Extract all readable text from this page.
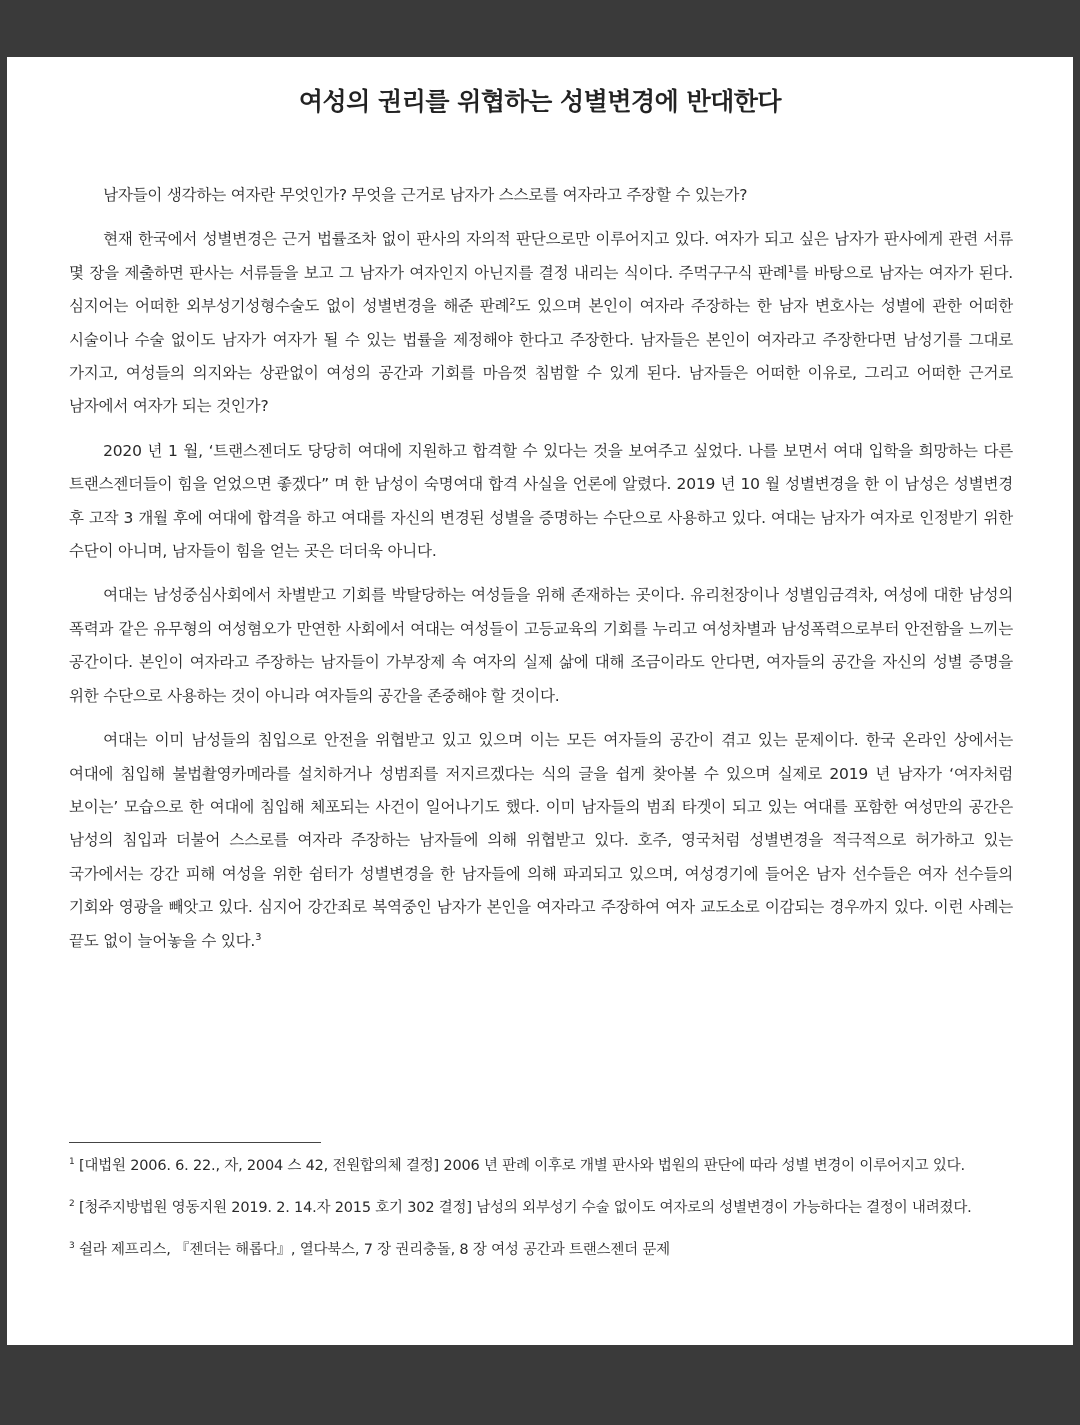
여성의 권리를 위협하는 성별변경에 반대한다

남자들이 생각하는 여자란 무엇인가? 무엇을 근거로 남자가 스스로를 여자라고 주장할 수 있는가?

현재 한국에서 성별변경은 근거 법률조차 없이 판사의 자의적 판단으로만 이루어지고 있다. 여자가 되고 싶은 남자가 판사에게 관련 서류 몇 장을 제출하면 판사는 서류들을 보고 그 남자가 여자인지 아닌지를 결정 내리는 식이다. 주먹구구식 판례$^1$를 바탕으로 남자는 여자가 된다. 심지어는 어떠한 외부성기성형수술도 없이 성별변경을 해준 판례$^2$도 있으며 본인이 여자라 주장하는 한 남자 변호사는 성별에 관한 어떠한 시술이나 수술 없이도 남자가 여자가 될 수 있는 법률을 제정해야 한다고 주장한다. 남자들은 본인이 여자라고 주장한다면 남성기를 그대로 가지고, 여성들의 의지와는 상관없이 여성의 공간과 기회를 마음껏 침범할 수 있게 된다. 남자들은 어떠한 이유로, 그리고 어떠한 근거로 남자에서 여자가 되는 것인가?

2020 년 1 월, ‘트랜스젠더도 당당히 여대에 지원하고 합격할 수 있다는 것을 보여주고 싶었다. 나를 보면서 여대 입학을 희망하는 다른 트랜스젠더들이 힘을 얻었으면 좋겠다” 며 한 남성이 숙명여대 합격 사실을 언론에 알렸다. 2019 년 10 월 성별변경을 한 이 남성은 성별변경 후 고작 3 개월 후에 여대에 합격을 하고 여대를 자신의 변경된 성별을 증명하는 수단으로 사용하고 있다. 여대는 남자가 여자로 인정받기 위한 수단이 아니며, 남자들이 힘을 얻는 곳은 더더욱 아니다.

여대는 남성중심사회에서 차별받고 기회를 박탈당하는 여성들을 위해 존재하는 곳이다. 유리천장이나 성별임금격차, 여성에 대한 남성의 폭력과 같은 유무형의 여성혐오가 만연한 사회에서 여대는 여성들이 고등교육의 기회를 누리고 여성차별과 남성폭력으로부터 안전함을 느끼는 공간이다. 본인이 여자라고 주장하는 남자들이 가부장제 속 여자의 실제 삶에 대해 조금이라도 안다면, 여자들의 공간을 자신의 성별 증명을 위한 수단으로 사용하는 것이 아니라 여자들의 공간을 존중해야 할 것이다.

여대는 이미 남성들의 침입으로 안전을 위협받고 있고 있으며 이는 모든 여자들의 공간이 겪고 있는 문제이다. 한국 온라인 상에서는 여대에 침입해 불법촬영카메라를 설치하거나 성범죄를 저지르겠다는 식의 글을 쉽게 찾아볼 수 있으며 실제로 2019 년 남자가 ‘여자처럼 보이는’ 모습으로 한 여대에 침입해 체포되는 사건이 일어나기도 했다. 이미 남자들의 범죄 타겟이 되고 있는 여대를 포함한 여성만의 공간은 남성의 침입과 더불어 스스로를 여자라 주장하는 남자들에 의해 위협받고 있다. 호주, 영국처럼 성별변경을 적극적으로 허가하고 있는 국가에서는 강간 피해 여성을 위한 쉼터가 성별변경을 한 남자들에 의해 파괴되고 있으며, 여성경기에 들어온 남자 선수들은 여자 선수들의 기회와 영광을 빼앗고 있다. 심지어 강간죄로 복역중인 남자가 본인을 여자라고 주장하여 여자 교도소로 이감되는 경우까지 있다. 이런 사례는 끝도 없이 늘어놓을 수 있다.$^3$

$^1$ [대법원 2006. 6. 22., 자, 2004 스 42, 전원합의체 결정] 2006 년 판례 이후로 개별 판사와 법원의 판단에 따라 성별 변경이 이루어지고 있다.

$^2$ [청주지방법원 영동지원 2019. 2. 14.자 2015 호기 302 결정] 남성의 외부성기 수술 없이도 여자로의 성별변경이 가능하다는 결정이 내려졌다.

$^3$ 쉴라 제프리스, 『젠더는 해롭다』, 열다북스, 7 장 권리충돌, 8 장 여성 공간과 트랜스젠더 문제
